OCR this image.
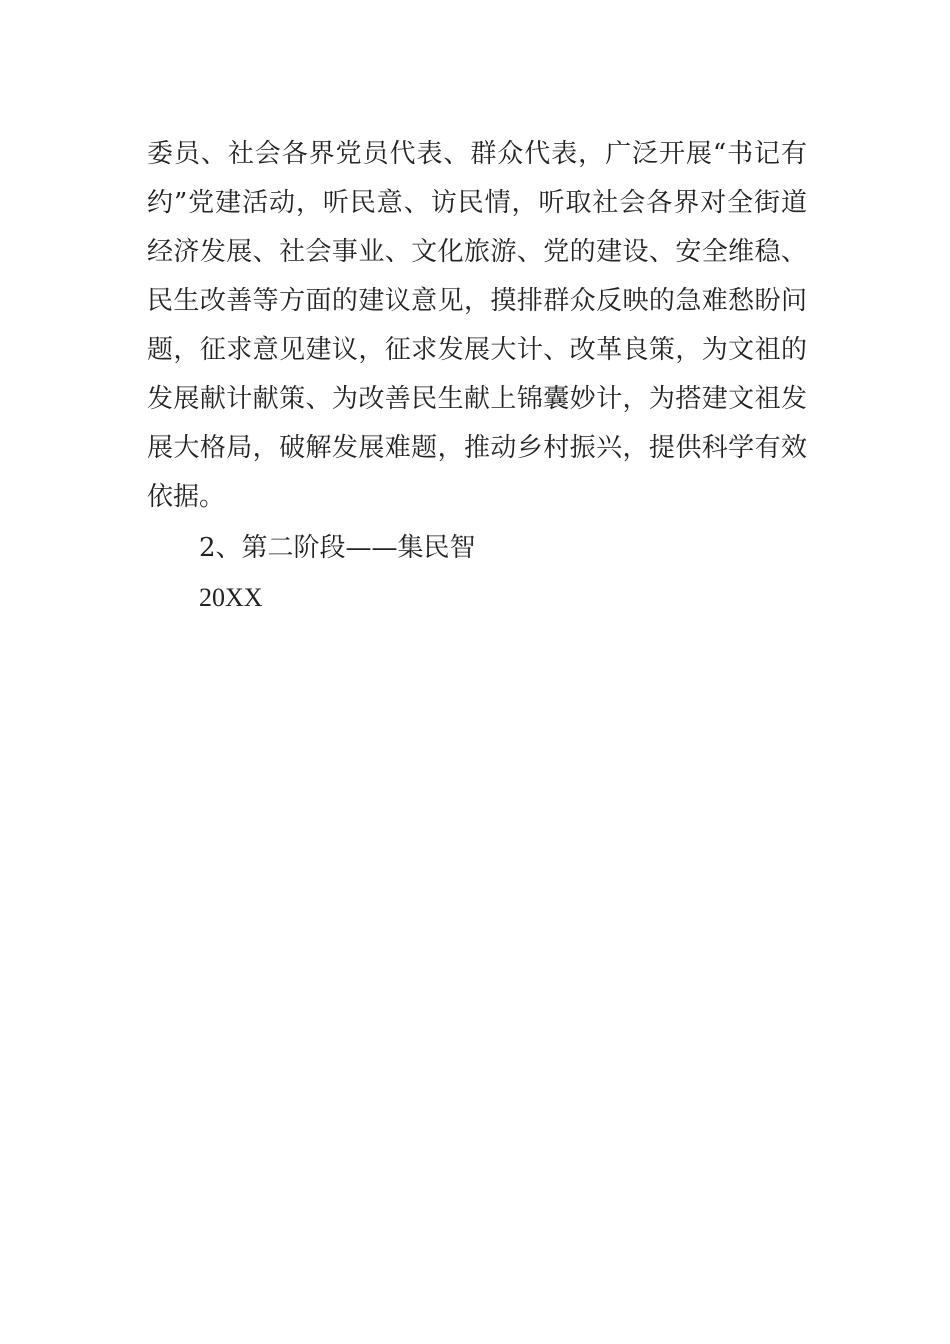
委员、社会各界党员代表、群众代表，广泛开展“书记有
约”党建活动，听民意、访民情，听取社会各界对全街道
经济发展、社会事业、文化旅游、党的建设、安全维稳、
民生改善等方面的建议意见，摸排群众反映的急难愁盼问
题，征求意见建议，征求发展大计、改革良策，为文祖的
发展献计献策、为改善民生献上锦囊妙计，为搭建文祖发
展大格局，破解发展难题，推动乡村振兴，提供科学有效
依据。
2、第二阶段——集民智
20XX
